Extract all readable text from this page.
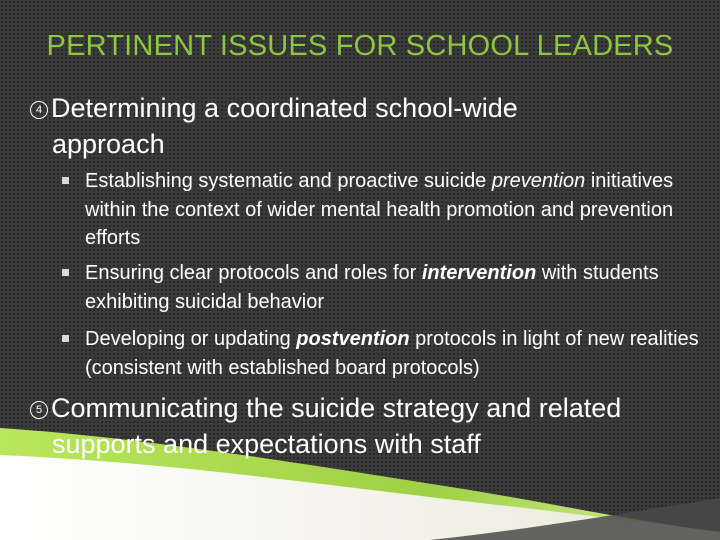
PERTINENT ISSUES FOR SCHOOL LEADERS
4 Determining a coordinated school-wide
approach
Establishing systematic and proactive suicide prevention initiatives within the context of wider mental health promotion and prevention efforts
Ensuring clear protocols and roles for intervention with students exhibiting suicidal behavior
Developing or updating postvention protocols in light of new realities (consistent with established board protocols)
5 Communicating the suicide strategy and related
supports and expectations with staff
